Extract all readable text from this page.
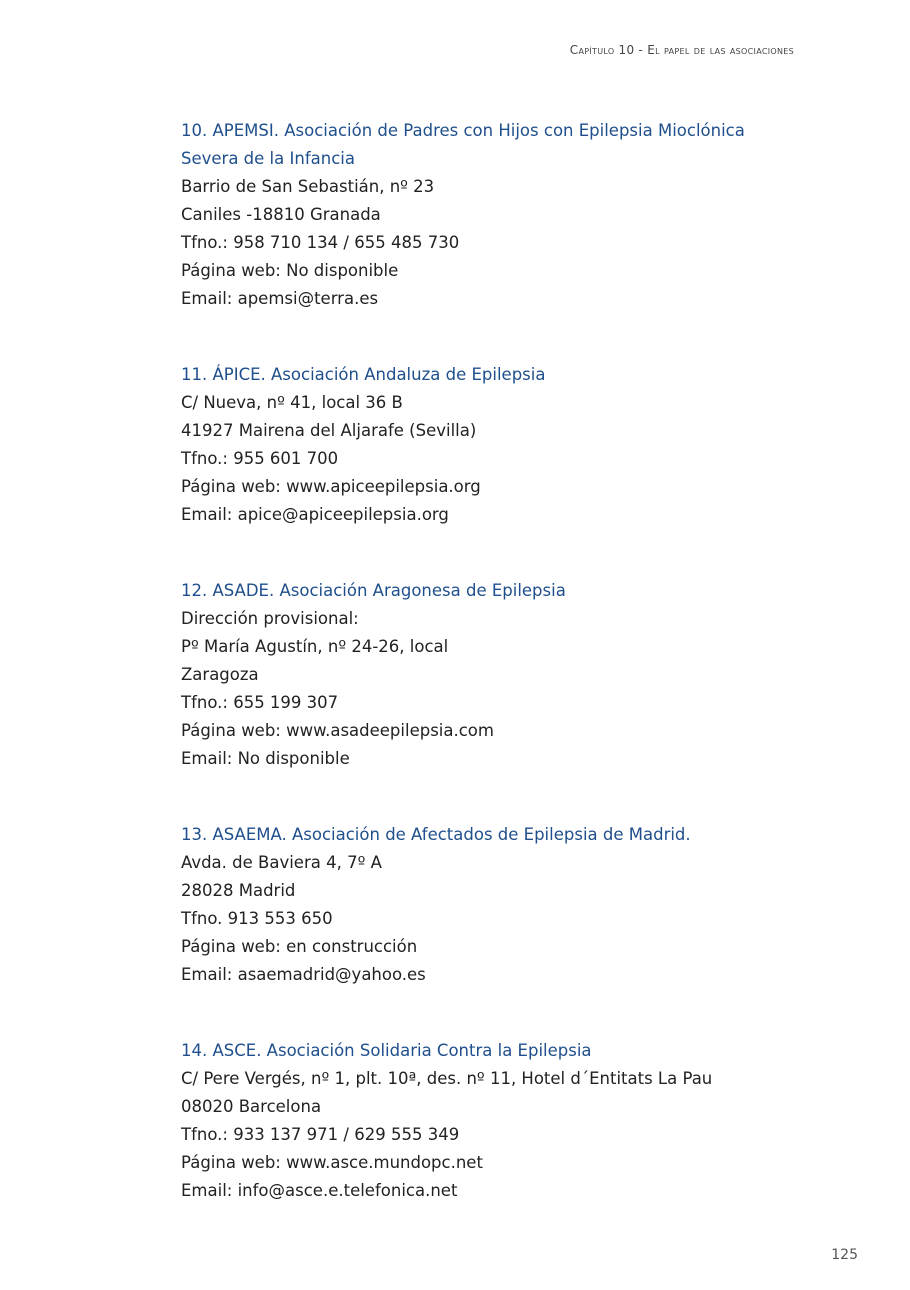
Capítulo 10 - El papel de las asociaciones

10. APEMSI. Asociación de Padres con Hijos con Epilepsia Mioclónica

Severa de la Infancia

Barrio de San Sebastián, nº 23

Caniles -18810 Granada

Tfno.: 958 710 134 / 655 485 730

Página web: No disponible

Email: apemsi@terra.es

11. ÁPICE. Asociación Andaluza de Epilepsia

C/ Nueva, nº 41, local 36 B

41927 Mairena del Aljarafe (Sevilla)

Tfno.: 955 601 700

Página web: www.apiceepilepsia.org

Email: apice@apiceepilepsia.org

12. ASADE. Asociación Aragonesa de Epilepsia

Dirección provisional:

Pº María Agustín, nº 24-26, local

Zaragoza

Tfno.: 655 199 307

Página web: www.asadeepilepsia.com

Email: No disponible

13. ASAEMA. Asociación de Afectados de Epilepsia de Madrid.

Avda. de Baviera 4, 7º A

28028 Madrid

Tfno. 913 553 650

Página web: en construcción

Email: asaemadrid@yahoo.es

14. ASCE. Asociación Solidaria Contra la Epilepsia

C/ Pere Vergés, nº 1, plt. 10ª, des. nº 11, Hotel d´Entitats La Pau

08020 Barcelona

Tfno.: 933 137 971 / 629 555 349

Página web: www.asce.mundopc.net

Email: info@asce.e.telefonica.net

125
